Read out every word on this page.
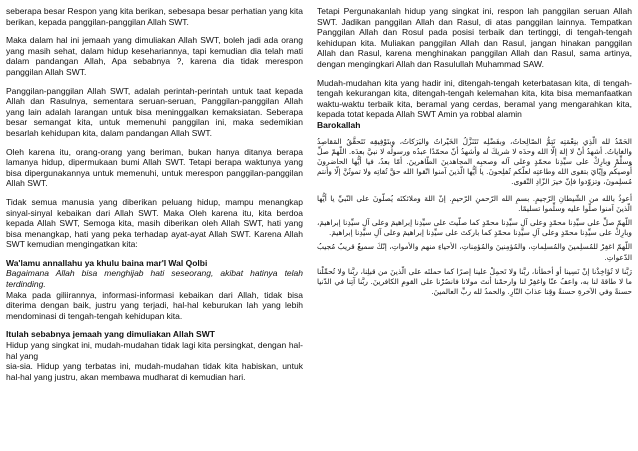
seberapa besar Respon yang kita berikan, sebesapa besar perhatian yang kita berikan, kepada panggilan-panggilan Allah SWT.

Maka dalam hal ini jemaah yang dimuliakan Allah SWT, boleh jadi ada orang yang masih sehat, dalam hidup kesehariannya, tapi kemudian dia telah mati dalam pandangan Allah, Apa sebabnya ?, karena dia tidak merespon panggilan Allah SWT.

Panggilan-panggilan Allah SWT, adalah perintah-perintah untuk taat kepada Allah dan Rasulnya, sementara seruan-seruan, Panggilan-panggilan Allah yang lain adalah larangan untuk bisa meninggalkan kemaksiatan. Seberapa besar semangat kita, untuk memenuhi panggilan ini, maka sedemikian besarlah kehidupan kita, dalam pandangan Allah SWT.

Oleh karena itu, orang-orang yang beriman, bukan hanya ditanya berapa lamanya hidup, dipermukaan bumi Allah SWT. Tetapi berapa waktunya yang bisa dipergunakannya untuk memenuhi, untuk merespon panggilan-panggilan Allah SWT.

Tidak semua manusia yang diberikan peluang hidup, mampu menangkap sinyal-sinyal kebaikan dari Allah SWT. Maka Oleh karena itu, kita berdoa kepada Allah SWT, Semoga kita, masih diberikan oleh Allah SWT, hati yang bisa menangkap, hati yang peka terhadap ayat-ayat Allah SWT. Karena Allah SWT kemudian mengingatkan kita:

Wa'lamu annallahu ya khulu baina mar'I Wal Qolbi
Bagaimana Allah bisa menghijab hati seseorang, akibat hatinya telah terdinding.
Maka pada giliirannya, informasi-informasi kebaikan dari Allah, tidak bisa diterima dengan baik, justru yang terjadi, hal-hal keburukan lah yang lebih mendominasi di tengah-tengah kehidupan kita.

Itulah sebabnya jemaah yang dimuliakan Allah SWT
Hidup yang singkat ini, mudah-mudahan tidak lagi kita persingkat, dengan hal-hal yang
sia-sia. Hidup yang terbatas ini, mudah-mudahan tidak kita habiskan, untuk hal-hal yang justru, akan membawa mudharat di kemudian hari.

Tetapi Pergunakanlah hidup yang singkat ini, respon lah panggilan seruan Allah SWT. Jadikan panggilan Allah dan Rasul, di atas panggilan lainnya. Tempatkan Panggilan Allah dan Rosul pada posisi terbaik dan tertinggi, di tengah-tengah kehidupan kita. Muliakan panggilan Allah dan Rasul, jangan hinakan panggilan Allah dan Rasul, karena menghinakan panggilan Allah dan Rasul, sama artinya, dengan mengingkari Allah dan Rasulullah Muhammad SAW.

Mudah-mudahan kita yang hadir ini, ditengah-tengah keterbatasan kita, di tengah-tengah kekurangan kita, ditengah-tengah kelemahan kita, kita bisa memanfaatkan waktu-waktu terbaik kita, beramal yang cerdas, beramal yang mengarahkan kita, kepada totat kepada Allah SWT Amin ya robbal alamin
Barokallah

الحَمْدُ لله الّذِي بنِعْمَتِه تَتِمُّ الصّالِحاتُ، وبفَضْلِه تَتَنَزَّلُ الخَيْراتُ والبَرَكاتُ، وبتَوْفِيقِه تَتَحقَّقُ المَقاصِدُ والغاياتُ. أشهدُ أنْ لا إلهَ إلّا الله وحدَه لا شريكَ له وأشهدُ أنّ محمّدًا عبدُه ورسولُه لا نبيَّ بعدَه. اللّهمّ صلِّ وسلِّمْ وبارِكْ على سيِّدِنا محمّدٍ وعلى آله وصحبِه المجاهدينَ الطّاهرينَ. أمّا بعدُ، فيا أيُّها الحاضرونَ أُوصيكُم وإيّايَ بتقوى الله وطاعتِه لعلّكم تُفلِحونَ. يا أيُّها الّذينَ آمنوا اتّقوا الله حقَّ تُقاتِه ولا تموتُنَّ إلّا وأنتم مُسلِمونَ، وتزوّدوا فإنّ خيرَ الزّادِ التّقوى.

أعوذُ بالله من الشّيطانِ الرّجيمِ. بسمِ الله الرّحمنِ الرّحيمِ. إنّ اللهَ وملائكتَه يُصلّونَ على النّبيِّ يا أيُّها الّذينَ آمنوا صلّوا عليه وسلِّموا تسليمًا.

اللّهمّ صلِّ على سيِّدِنا محمّدٍ وعلى آلِ سيِّدِنا محمّدٍ كما صلّيتَ على سيِّدِنا إبراهيمَ وعلى آلِ سيِّدِنا إبراهيمَ، وبارِكْ على سيِّدِنا محمّدٍ وعلى آلِ سيِّدِنا محمّدٍ كما باركتَ على سيِّدِنا إبراهيمَ وعلى آلِ سيِّدِنا إبراهيمَ.

اللّهمّ اغفِرْ للمُسلِمينَ والمُسلِماتِ، والمُؤمِنينَ والمُؤمِناتِ، الأحياءِ منهم والأمواتِ، إنّكَ سميعٌ قريبٌ مُجيبُ الدّعواتِ.

رَبَّنا لا تُؤاخِذْنا إنْ نَسِينا أو أخطأنا، ربَّنا ولا تَحمِلْ علينا إصرًا كما حملتَه على الّذينَ من قبلِنا، ربَّنا ولا تُحمِّلْنا ما لا طاقةَ لنا به، واعفُ عنّا واغفِرْ لنا وارحمْنا أنتَ مولانا فانصُرْنا على القومِ الكافرينَ. ربَّنا آتِنا في الدّنيا حسنةً وفي الآخرةِ حسنةً وقِنا عذابَ النّارِ. والحمدُ لله ربِّ العالمينَ.
